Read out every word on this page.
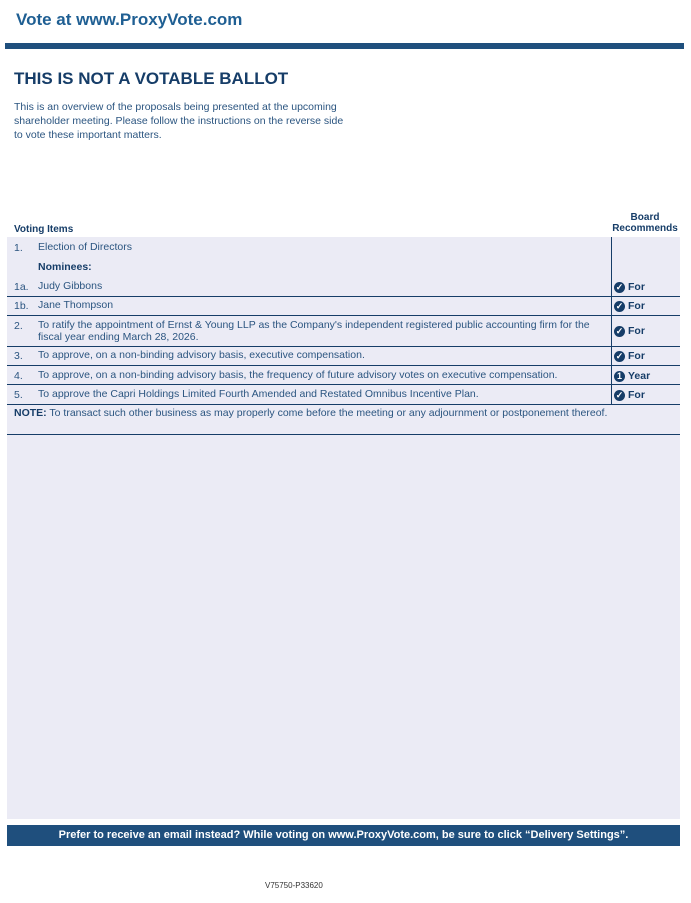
Vote at www.ProxyVote.com
THIS IS NOT A VOTABLE BALLOT
This is an overview of the proposals being presented at the upcoming shareholder meeting. Please follow the instructions on the reverse side to vote these important matters.
Board
Recommends
Voting Items
1. Election of Directors
Nominees:
1a. Judy Gibbons	✓ For
1b. Jane Thompson	✓ For
2. To ratify the appointment of Ernst & Young LLP as the Company's independent registered public accounting firm for the fiscal year ending March 28, 2026.	✓ For
3. To approve, on a non-binding advisory basis, executive compensation.	✓ For
4. To approve, on a non-binding advisory basis, the frequency of future advisory votes on executive compensation.	1 Year
5. To approve the Capri Holdings Limited Fourth Amended and Restated Omnibus Incentive Plan.	✓ For
NOTE: To transact such other business as may properly come before the meeting or any adjournment or postponement thereof.
Prefer to receive an email instead? While voting on www.ProxyVote.com, be sure to click “Delivery Settings”.
V75750-P33620
